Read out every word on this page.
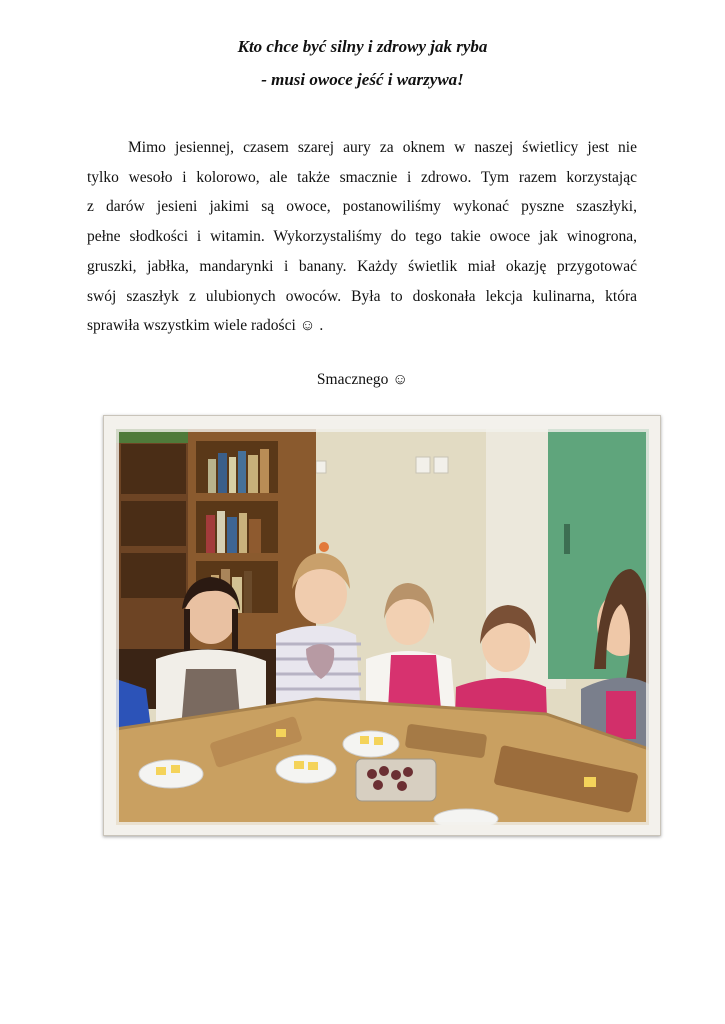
Kto chce być silny i zdrowy jak ryba
- musi owoce jeść i warzywa!
Mimo jesiennej, czasem szarej aury za oknem w naszej świetlicy jest nie
tylko wesoło i kolorowo, ale także smacznie i zdrowo. Tym razem korzystając
z darów jesieni jakimi są owoce, postanowiliśmy wykonać pyszne szaszłyki,
pełne słodkości i witamin. Wykorzystaliśmy do tego takie owoce jak winogrona,
gruszki, jabłka, mandarynki i banany. Każdy świetlik miał okazję przygotować
swój szaszłyk z ulubionych owoców. Była to doskonała lekcja kulinarna, która
sprawiła wszystkim wiele radości ☺ .
Smacznego ☺
